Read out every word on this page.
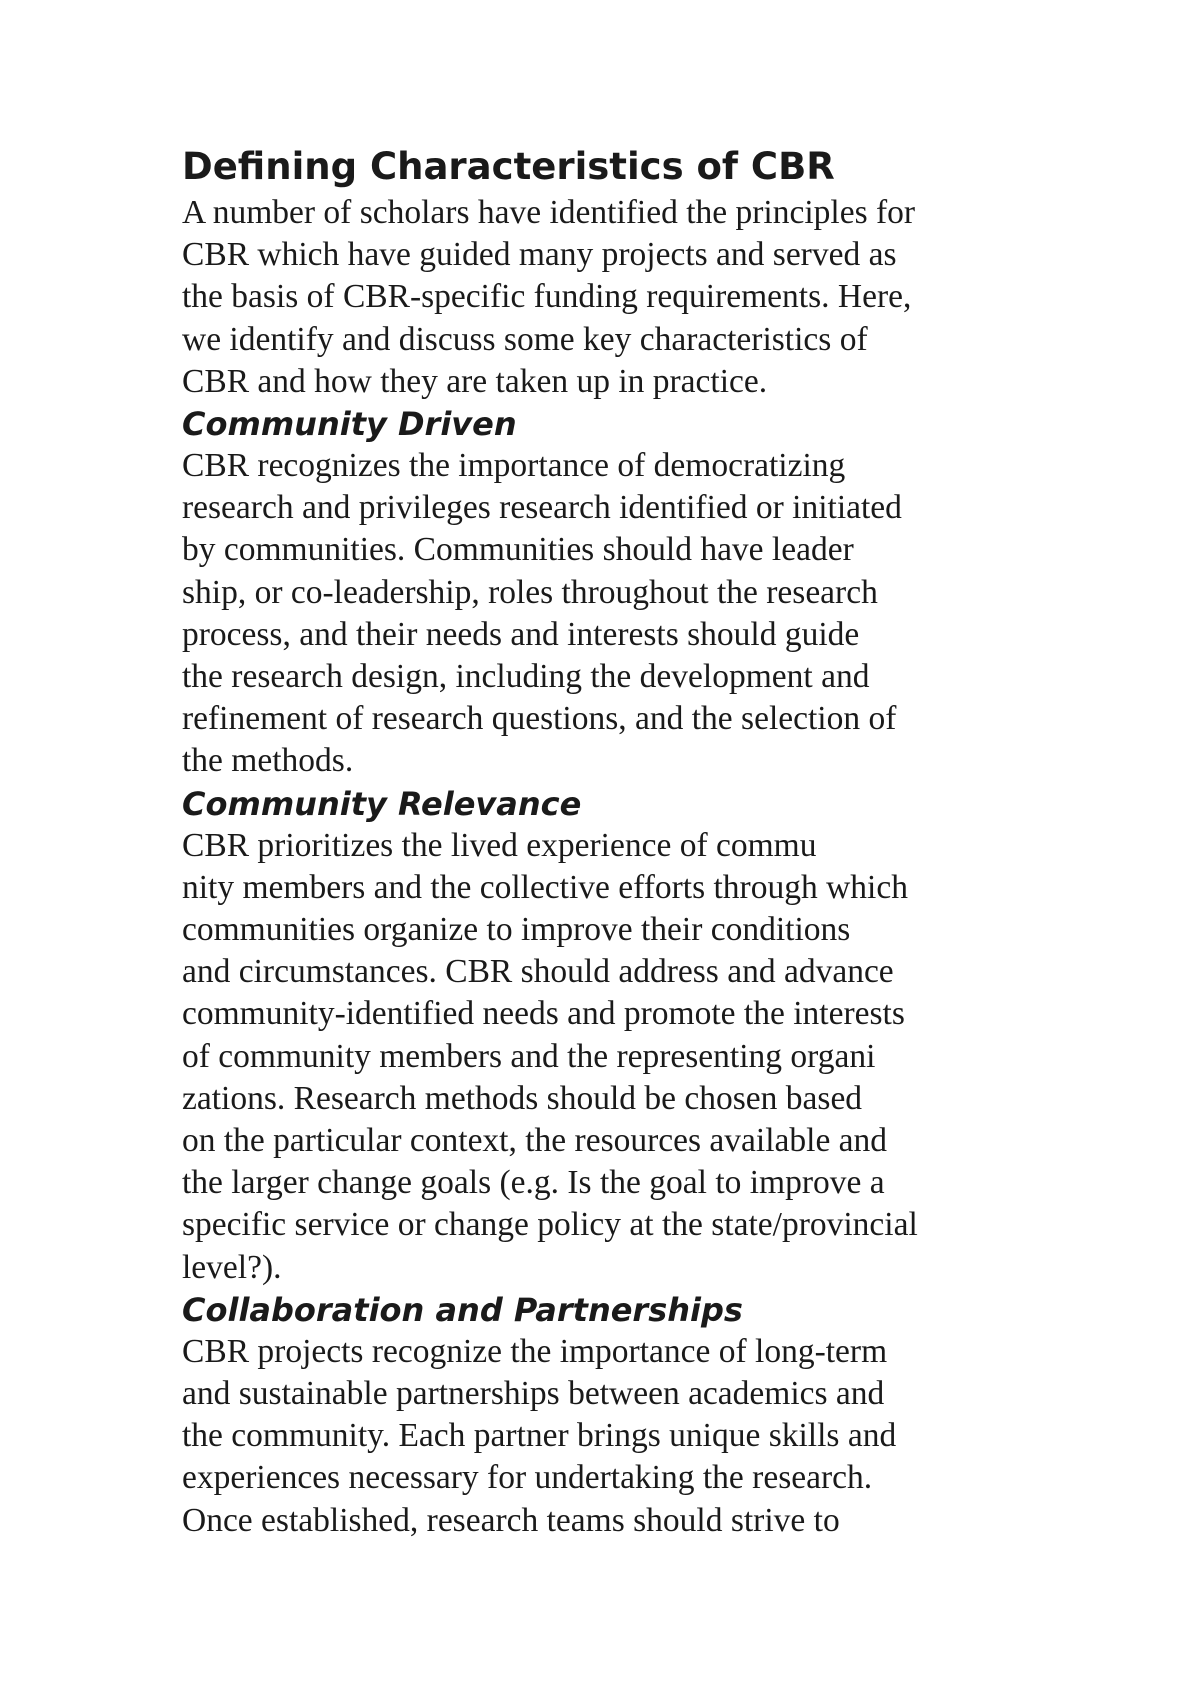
Defining Characteristics of CBR
A number of scholars have identified the principles for
CBR which have guided many projects and served as
the basis of CBR-specific funding requirements. Here,
we identify and discuss some key characteristics of
CBR and how they are taken up in practice.
Community Driven
CBR recognizes the importance of democratizing
research and privileges research identified or initiated
by communities. Communities should have leader
ship, or co-leadership, roles throughout the research
process, and their needs and interests should guide
the research design, including the development and
refinement of research questions, and the selection of
the methods.
Community Relevance
CBR prioritizes the lived experience of commu
nity members and the collective efforts through which
communities organize to improve their conditions
and circumstances. CBR should address and advance
community-identified needs and promote the interests
of community members and the representing organi
zations. Research methods should be chosen based
on the particular context, the resources available and
the larger change goals (e.g. Is the goal to improve a
specific service or change policy at the state/provincial
level?).
Collaboration and Partnerships
CBR projects recognize the importance of long-term
and sustainable partnerships between academics and
the community. Each partner brings unique skills and
experiences necessary for undertaking the research.
Once established, research teams should strive to
